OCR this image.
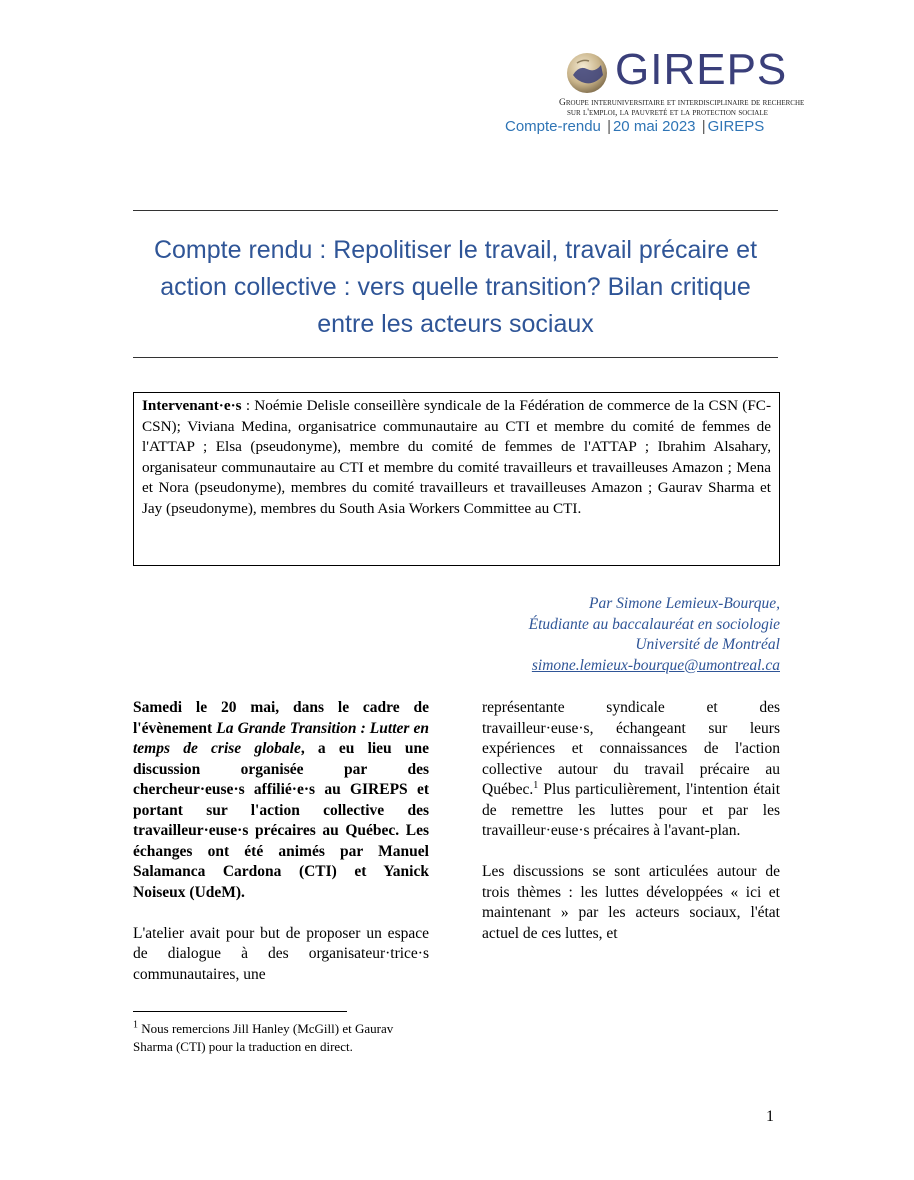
GIREPS
Groupe interuniversitaire et interdisciplinaire de recherche
sur l'emploi, la pauvreté et la protection sociale
Compte-rendu | 20 mai 2023 | GIREPS
Compte rendu : Repolitiser le travail, travail précaire et action collective : vers quelle transition? Bilan critique entre les acteurs sociaux
Intervenant·e·s : Noémie Delisle conseillère syndicale de la Fédération de commerce de la CSN (FC-CSN); Viviana Medina, organisatrice communautaire au CTI et membre du comité de femmes de l'ATTAP ; Elsa (pseudonyme), membre du comité de femmes de l'ATTAP ; Ibrahim Alsahary, organisateur communautaire au CTI et membre du comité travailleurs et travailleuses Amazon ; Mena et Nora (pseudonyme), membres du comité travailleurs et travailleuses Amazon ; Gaurav Sharma et Jay (pseudonyme), membres du South Asia Workers Committee au CTI.
Par Simone Lemieux-Bourque,
Étudiante au baccalauréat en sociologie
Université de Montréal
simone.lemieux-bourque@umontreal.ca

Samedi le 20 mai, dans le cadre de l'évènement La Grande Transition : Lutter en temps de crise globale, a eu lieu une discussion organisée par des chercheur·euse·s affilié·e·s au GIREPS et portant sur l'action collective des travailleur·euse·s précaires au Québec. Les échanges ont été animés par Manuel Salamanca Cardona (CTI) et Yanick Noiseux (UdeM).

L'atelier avait pour but de proposer un espace de dialogue à des organisateur·trice·s communautaires, une

représentante syndicale et des travailleur·euse·s, échangeant sur leurs expériences et connaissances de l'action collective autour du travail précaire au Québec.$^1$ Plus particulièrement, l'intention était de remettre les luttes pour et par les travailleur·euse·s précaires à l'avant-plan.

Les discussions se sont articulées autour de trois thèmes : les luttes développées « ici et maintenant » par les acteurs sociaux, l'état actuel de ces luttes, et

$^1$ Nous remercions Jill Hanley (McGill) et Gaurav Sharma (CTI) pour la traduction en direct.
1
